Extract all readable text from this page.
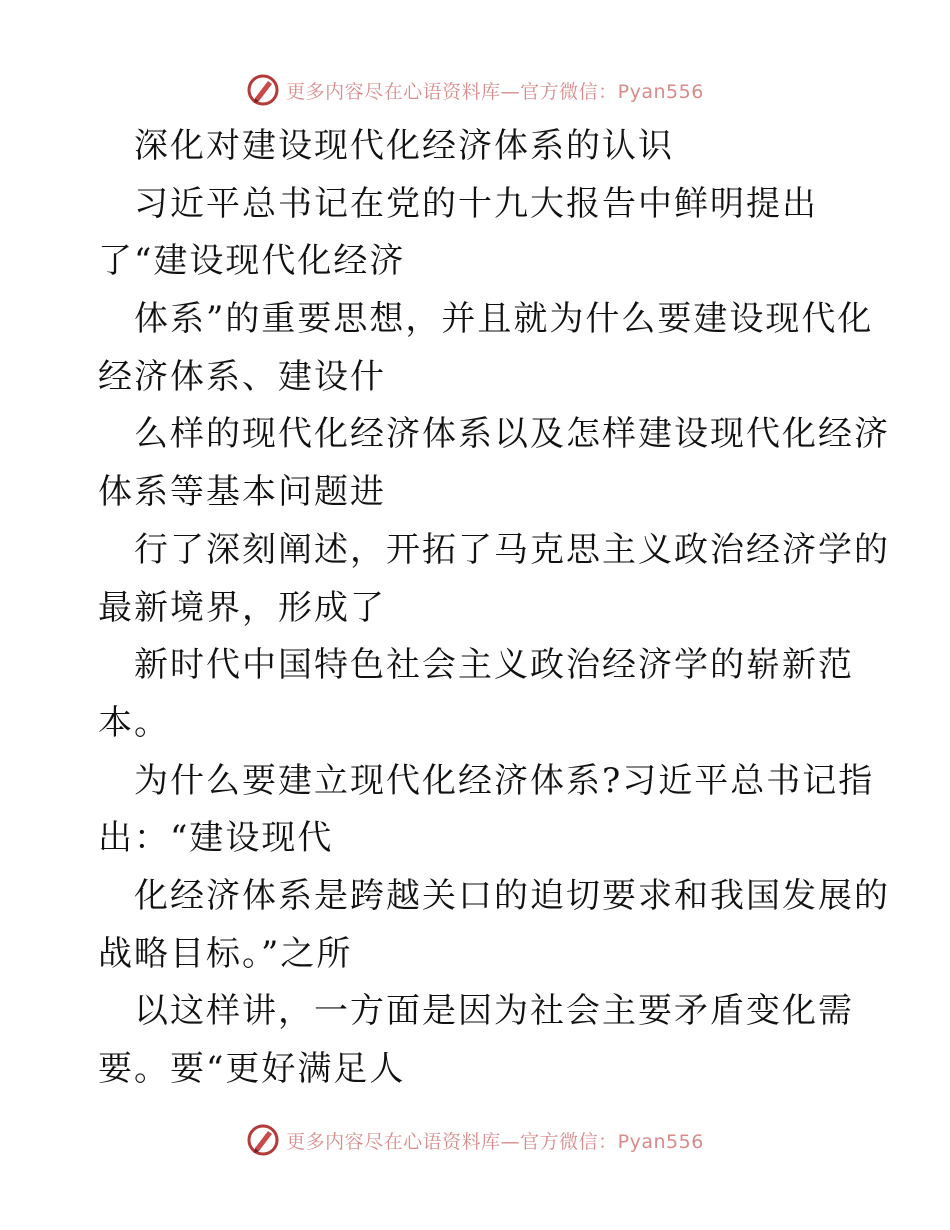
更多内容尽在心语资料库—官方微信：Pyan556
深化对建设现代化经济体系的认识
习近平总书记在党的十九大报告中鲜明提出
了“建设现代化经济
体系”的重要思想，并且就为什么要建设现代化
经济体系、建设什
么样的现代化经济体系以及怎样建设现代化经济
体系等基本问题进
行了深刻阐述，开拓了马克思主义政治经济学的
最新境界，形成了
新时代中国特色社会主义政治经济学的崭新范
本。
为什么要建立现代化经济体系?习近平总书记指
出：“建设现代
化经济体系是跨越关口的迫切要求和我国发展的
战略目标。”之所
以这样讲，一方面是因为社会主要矛盾变化需
要。要“更好满足人
更多内容尽在心语资料库—官方微信：Pyan556
